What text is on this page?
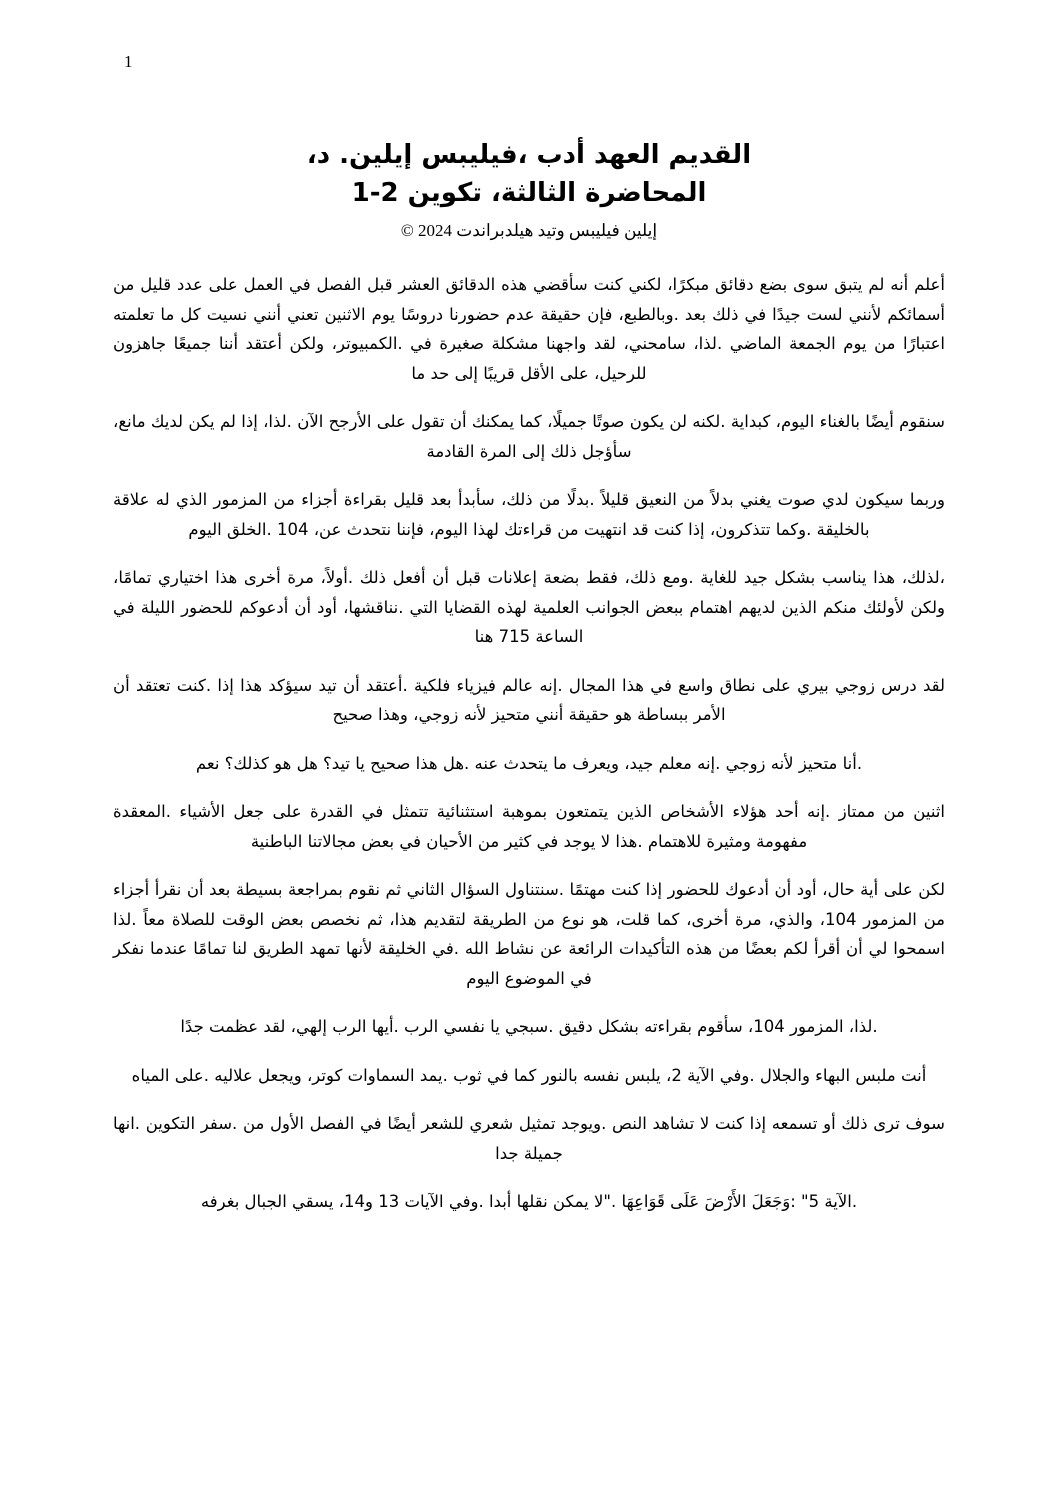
1
القديم العهد أدب ،فيليبس إيلين. د،
المحاضرة الثالثة، تكوين 2-1
إيلين فيليبس وتيد هيلدبراندت 2024 ©

أعلم أنه لم يتبق سوى بضع دقائق مبكرًا، لكني كنت سأقضي هذه الدقائق العشر قبل الفصل في العمل على عدد قليل من أسمائكم لأنني لست جيدًا في ذلك بعد .وبالطبع، فإن حقيقة عدم حضورنا دروسًا يوم الاثنين تعني أنني نسيت كل ما تعلمته اعتبارًا من يوم الجمعة الماضي .لذا، سامحني، لقد واجهنا مشكلة صغيرة في .الكمبيوتر، ولكن أعتقد أننا جميعًا جاهزون للرحيل، على الأقل قريبًا إلى حد ما

سنقوم أيضًا بالغناء اليوم، كبداية .لكنه لن يكون صوتًا جميلًا، كما يمكنك أن تقول على الأرجح الآن .لذا، إذا لم يكن لديك مانع، سأؤجل ذلك إلى المرة القادمة

وربما سيكون لدي صوت يغني بدلاً من النعيق قليلاً .بدلًا من ذلك، سأبدأ بعد قليل بقراءة أجزاء من المزمور الذي له علاقة بالخليقة .وكما تتذكرون، إذا كنت قد انتهيت من قراءتك لهذا اليوم، فإننا نتحدث عن، 104 .الخلق اليوم

،لذلك، هذا يناسب بشكل جيد للغاية .ومع ذلك، فقط بضعة إعلانات قبل أن أفعل ذلك .أولاً، مرة أخرى هذا اختياري تمامًا، ولكن لأولئك منكم الذين لديهم اهتمام ببعض الجوانب العلمية لهذه القضايا التي .نناقشها، أود أن أدعوكم للحضور الليلة في الساعة 715 هنا

لقد درس زوجي بيري على نطاق واسع في هذا المجال .إنه عالم فيزياء فلكية .أعتقد أن تيد سيؤكد هذا إذا .كنت تعتقد أن الأمر ببساطة هو حقيقة أنني متحيز لأنه زوجي، وهذا صحيح

.أنا متحيز لأنه زوجي .إنه معلم جيد، ويعرف ما يتحدث عنه .هل هذا صحيح يا تيد؟ هل هو كذلك؟ نعم

اثنين من ممتاز .إنه أحد هؤلاء الأشخاص الذين يتمتعون بموهبة استثنائية تتمثل في القدرة على جعل الأشياء .المعقدة مفهومة ومثيرة للاهتمام .هذا لا يوجد في كثير من الأحيان في بعض مجالاتنا الباطنية

لكن على أية حال، أود أن أدعوك للحضور إذا كنت مهتمًا .سنتناول السؤال الثاني ثم نقوم بمراجعة بسيطة بعد أن نقرأ أجزاء من المزمور 104، والذي، مرة أخرى، كما قلت، هو نوع من الطريقة لتقديم هذا، ثم نخصص بعض الوقت للصلاة معاً .لذا اسمحوا لي أن أقرأ لكم بعضًا من هذه التأكيدات الرائعة عن نشاط الله .في الخليقة لأنها تمهد الطريق لنا تمامًا عندما نفكر في الموضوع اليوم

.لذا، المزمور 104، سأقوم بقراءته بشكل دقيق .سبجي يا نفسي الرب .أيها الرب إلهي، لقد عظمت جدًا

أنت ملبس البهاء والجلال .وفي الآية 2، يلبس نفسه بالنور كما في ثوب .يمد السماوات كوتر، ويجعل علاليه .على المياه

سوف ترى ذلك أو تسمعه إذا كنت لا تشاهد النص .ويوجد تمثيل شعري للشعر أيضًا في الفصل الأول من .سفر التكوين .انها جميلة جدا

.الآية 5" :وَجَعَلَ الأَرْضَ عَلَى قَوَاعِهَا ."لا يمكن نقلها أبدا .وفي الآيات 13 و14، يسقي الجبال بغرفه
